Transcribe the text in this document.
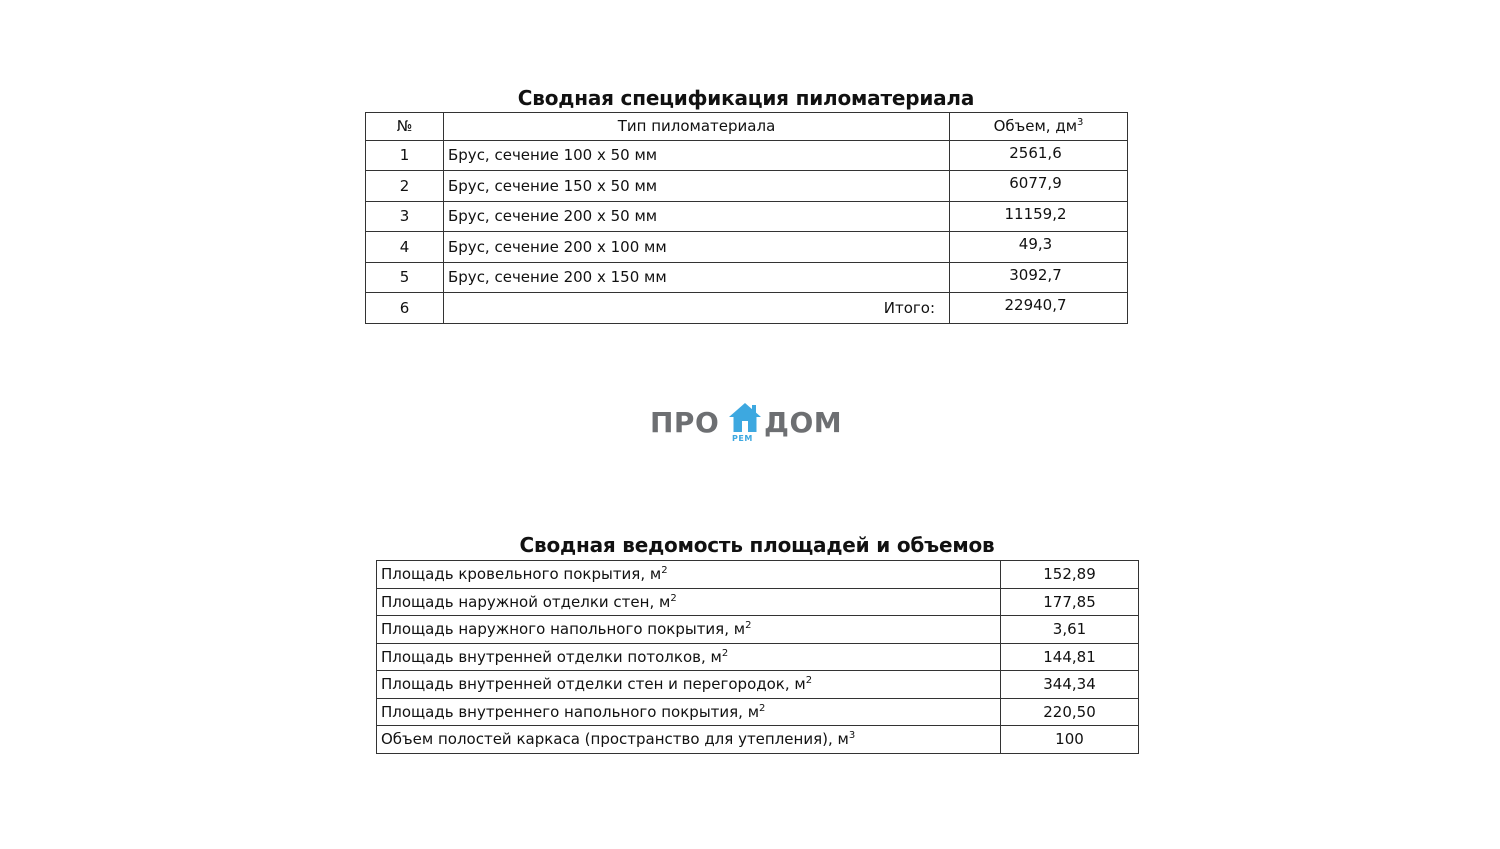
Сводная спецификация пиломатериала
№	Тип пиломатериала	Объем, $дм^3$
1	Брус, сечение 100 х 50 мм	2561,6
2	Брус, сечение 150 х 50 мм	6077,9
3	Брус, сечение 200 х 50 мм	11159,2
4	Брус, сечение 200 х 100 мм	49,3
5	Брус, сечение 200 х 150 мм	3092,7
6	Итого:	22940,7
ПРО РЕМ ДОМ
Сводная ведомость площадей и объемов
Площадь кровельного покрытия, $м^2$	152,89
Площадь наружной отделки стен, $м^2$	177,85
Площадь наружного напольного покрытия, $м^2$	3,61
Площадь внутренней отделки потолков, $м^2$	144,81
Площадь внутренней отделки стен и перегородок, $м^2$	344,34
Площадь внутреннего напольного покрытия, $м^2$	220,50
Объем полостей каркаса (пространство для утепления), $м^3$	100
